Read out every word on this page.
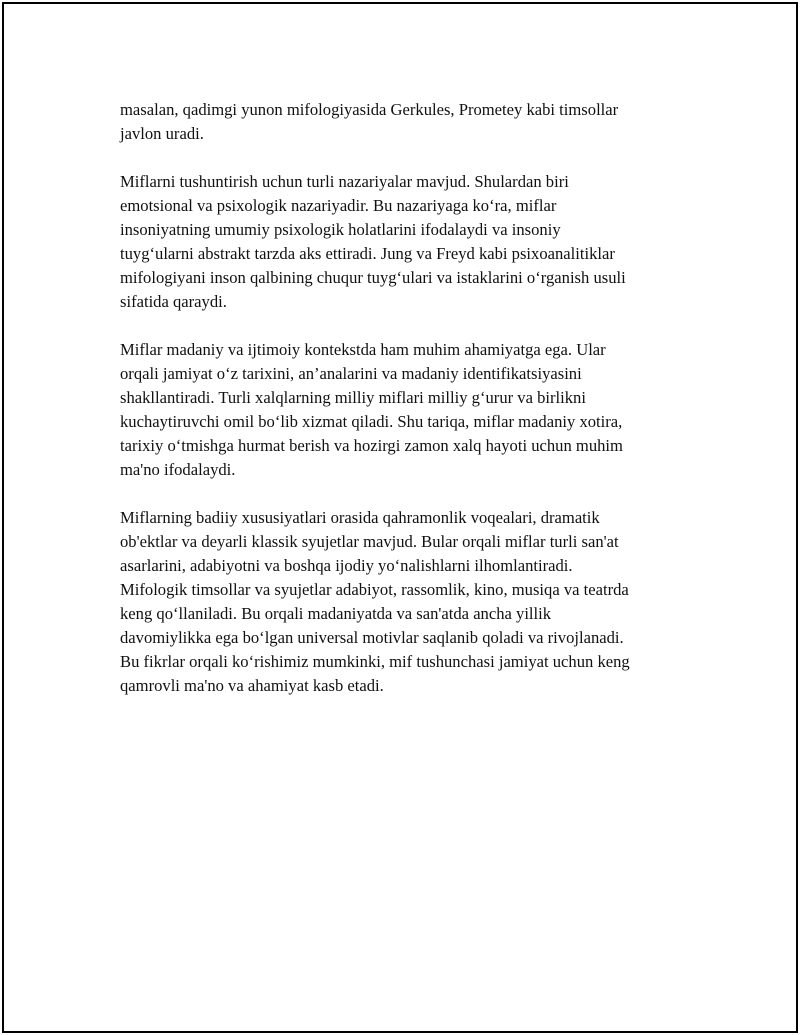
masalan, qadimgi yunon mifologiyasida Gerkules, Prometey kabi timsollar
javlon uradi.

Miflarni tushuntirish uchun turli nazariyalar mavjud. Shulardan biri
emotsional va psixologik nazariyadir. Bu nazariyaga ko‘ra, miflar
insoniyatning umumiy psixologik holatlarini ifodalaydi va insoniy
tuyg‘ularni abstrakt tarzda aks ettiradi. Jung va Freyd kabi psixoanalitiklar
mifologiyani inson qalbining chuqur tuyg‘ulari va istaklarini o‘rganish usuli
sifatida qaraydi.

Miflar madaniy va ijtimoiy kontekstda ham muhim ahamiyatga ega. Ular
orqali jamiyat o‘z tarixini, an’analarini va madaniy identifikatsiyasini
shakllantiradi. Turli xalqlarning milliy miflari milliy g‘urur va birlikni
kuchaytiruvchi omil bo‘lib xizmat qiladi. Shu tariqa, miflar madaniy xotira,
tarixiy o‘tmishga hurmat berish va hozirgi zamon xalq hayoti uchun muhim
ma'no ifodalaydi.

Miflarning badiiy xususiyatlari orasida qahramonlik voqealari, dramatik
ob'ektlar va deyarli klassik syujetlar mavjud. Bular orqali miflar turli san'at
asarlarini, adabiyotni va boshqa ijodiy yo‘nalishlarni ilhomlantiradi.
Mifologik timsollar va syujetlar adabiyot, rassomlik, kino, musiqa va teatrda
keng qo‘llaniladi. Bu orqali madaniyatda va san'atda ancha yillik
davomiylikka ega bo‘lgan universal motivlar saqlanib qoladi va rivojlanadi.
Bu fikrlar orqali ko‘rishimiz mumkinki, mif tushunchasi jamiyat uchun keng
qamrovli ma'no va ahamiyat kasb etadi.
